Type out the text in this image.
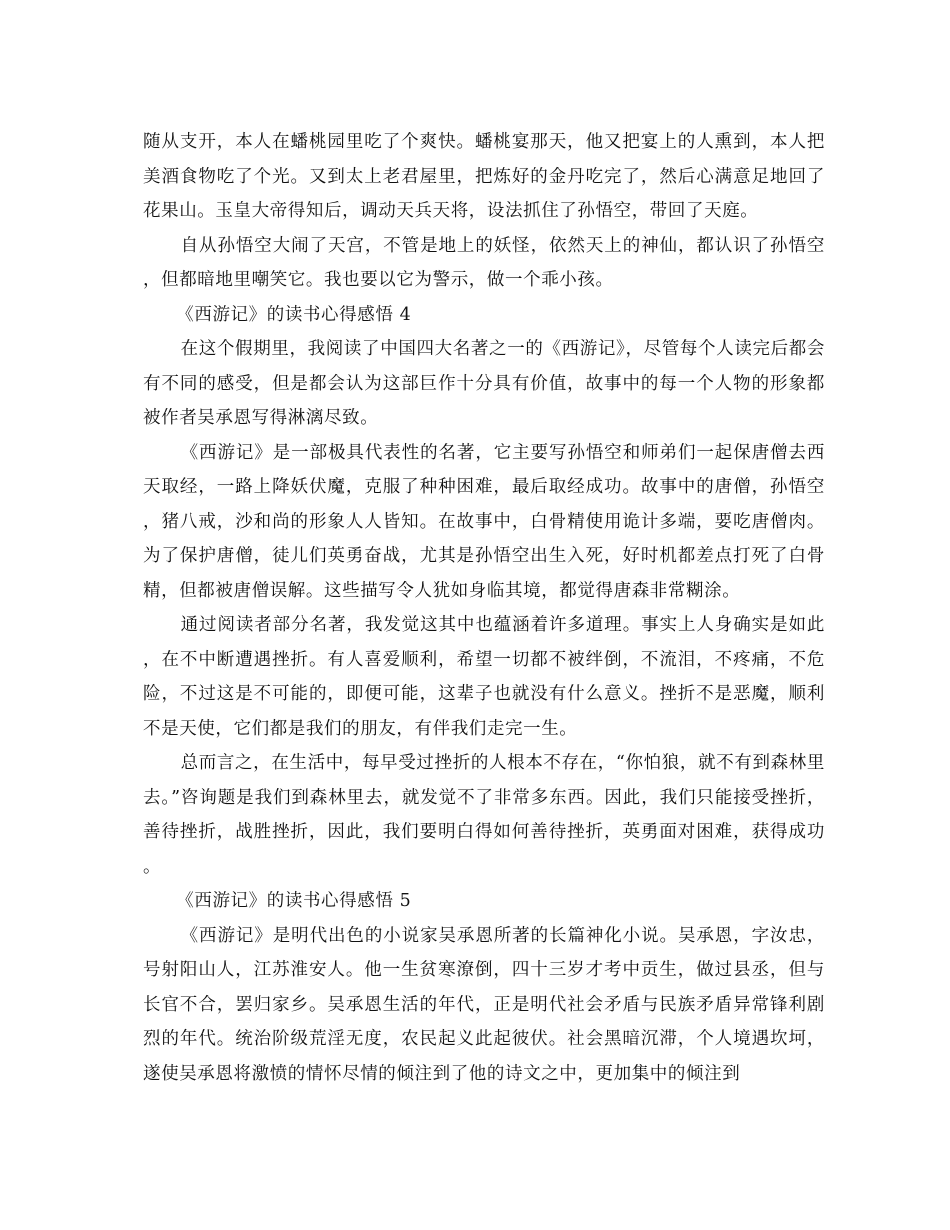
随从支开，本人在蟠桃园里吃了个爽快。蟠桃宴那天，他又把宴上的人熏到，本人把美酒食物吃了个光。又到太上老君屋里，把炼好的金丹吃完了，然后心满意足地回了花果山。玉皇大帝得知后，调动天兵天将，设法抓住了孙悟空，带回了天庭。

自从孙悟空大闹了天宫，不管是地上的妖怪，依然天上的神仙，都认识了孙悟空，但都暗地里嘲笑它。我也要以它为警示，做一个乖小孩。

《西游记》的读书心得感悟 4

在这个假期里，我阅读了中国四大名著之一的《西游记》，尽管每个人读完后都会有不同的感受，但是都会认为这部巨作十分具有价值，故事中的每一个人物的形象都被作者吴承恩写得淋漓尽致。

《西游记》是一部极具代表性的名著，它主要写孙悟空和师弟们一起保唐僧去西天取经，一路上降妖伏魔，克服了种种困难，最后取经成功。故事中的唐僧，孙悟空，猪八戒，沙和尚的形象人人皆知。在故事中，白骨精使用诡计多端，要吃唐僧肉。为了保护唐僧，徒儿们英勇奋战，尤其是孙悟空出生入死，好时机都差点打死了白骨精，但都被唐僧误解。这些描写令人犹如身临其境，都觉得唐森非常糊涂。

通过阅读者部分名著，我发觉这其中也蕴涵着许多道理。事实上人身确实是如此，在不中断遭遇挫折。有人喜爱顺利，希望一切都不被绊倒，不流泪，不疼痛，不危险，不过这是不可能的，即便可能，这辈子也就没有什么意义。挫折不是恶魔，顺利不是天使，它们都是我们的朋友，有伴我们走完一生。

总而言之，在生活中，每早受过挫折的人根本不存在，“你怕狼，就不有到森林里去。”咨询题是我们到森林里去，就发觉不了非常多东西。因此，我们只能接受挫折，善待挫折，战胜挫折，因此，我们要明白得如何善待挫折，英勇面对困难，获得成功。

《西游记》的读书心得感悟 5

《西游记》是明代出色的小说家吴承恩所著的长篇神化小说。吴承恩，字汝忠，号射阳山人，江苏淮安人。他一生贫寒潦倒，四十三岁才考中贡生，做过县丞，但与长官不合，罢归家乡。吴承恩生活的年代，正是明代社会矛盾与民族矛盾异常锋利剧烈的年代。统治阶级荒淫无度，农民起义此起彼伏。社会黑暗沉滞，个人境遇坎坷，遂使吴承恩将激愤的情怀尽情的倾注到了他的诗文之中，更加集中的倾注到
